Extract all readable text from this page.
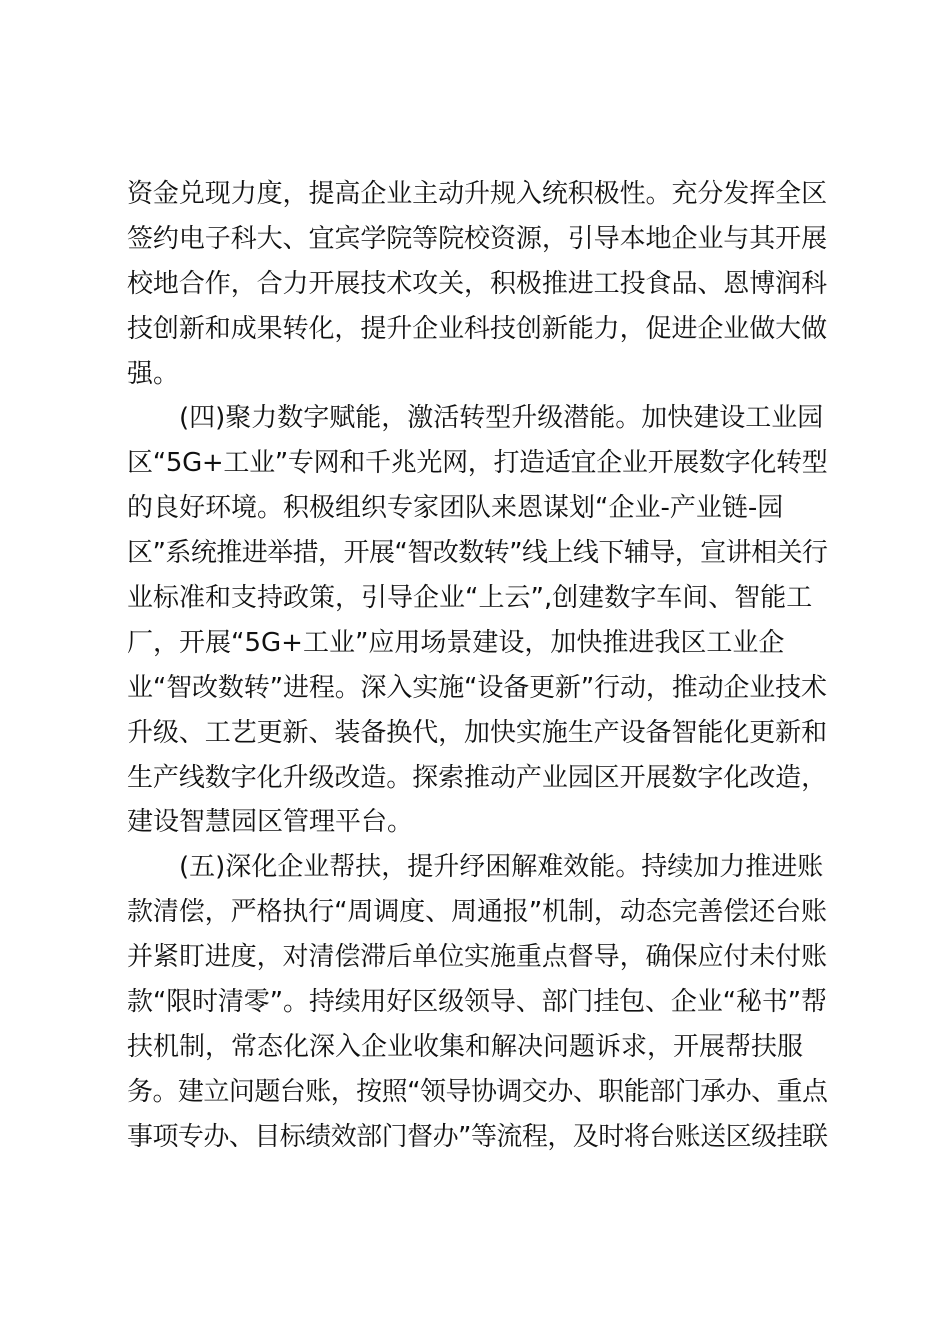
资金兑现力度，提高企业主动升规入统积极性。充分发挥全区
签约电子科大、宜宾学院等院校资源，引导本地企业与其开展
校地合作，合力开展技术攻关，积极推进工投食品、恩博润科
技创新和成果转化，提升企业科技创新能力，促进企业做大做
强。
　　(四)聚力数字赋能，激活转型升级潜能。加快建设工业园
区“5G+工业”专网和千兆光网，打造适宜企业开展数字化转型
的良好环境。积极组织专家团队来恩谋划“企业-产业链-园
区”系统推进举措，开展“智改数转”线上线下辅导，宣讲相关行
业标准和支持政策，引导企业“上云”,创建数字车间、智能工
厂，开展“5G+工业”应用场景建设，加快推进我区工业企
业“智改数转”进程。深入实施“设备更新”行动，推动企业技术
升级、工艺更新、装备换代，加快实施生产设备智能化更新和
生产线数字化升级改造。探索推动产业园区开展数字化改造，
建设智慧园区管理平台。
　　(五)深化企业帮扶，提升纾困解难效能。持续加力推进账
款清偿，严格执行“周调度、周通报”机制，动态完善偿还台账
并紧盯进度，对清偿滞后单位实施重点督导，确保应付未付账
款“限时清零”。持续用好区级领导、部门挂包、企业“秘书”帮
扶机制，常态化深入企业收集和解决问题诉求，开展帮扶服
务。建立问题台账，按照“领导协调交办、职能部门承办、重点
事项专办、目标绩效部门督办”等流程，及时将台账送区级挂联
